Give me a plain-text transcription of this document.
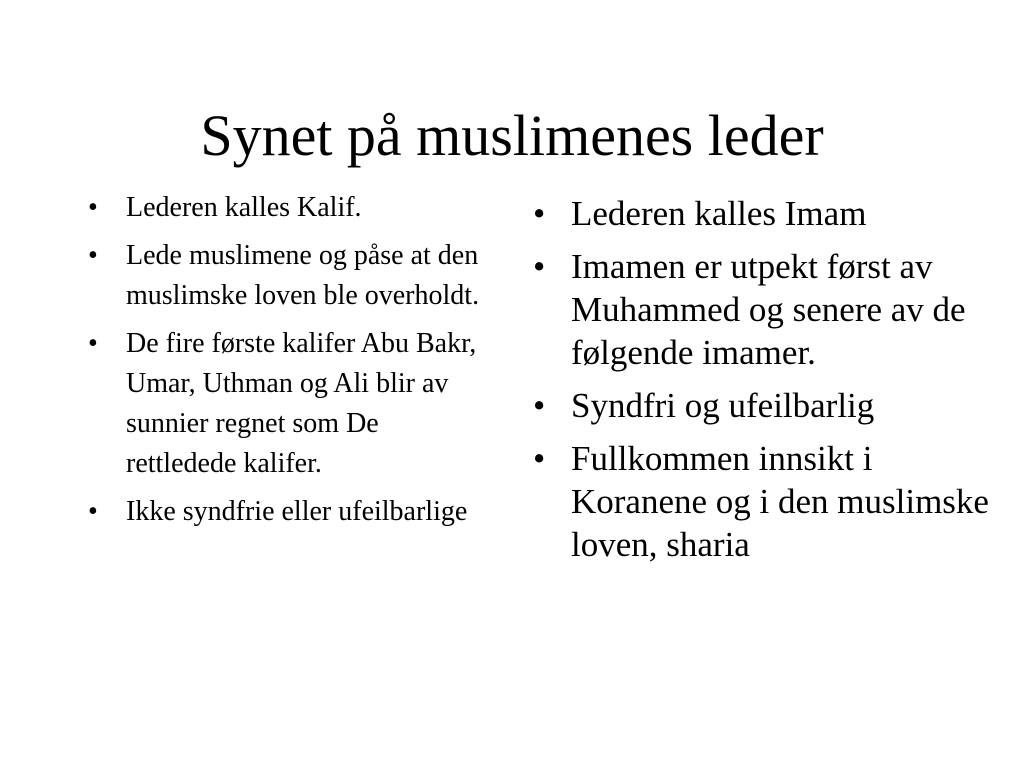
Synet på muslimenes leder
• Lederen kalles Kalif.
• Lede muslimene og påse at den muslimske loven ble overholdt.
• De fire første kalifer Abu Bakr, Umar, Uthman og Ali blir av sunnier regnet som De rettledede kalifer.
• Ikke syndfrie eller ufeilbarlige
• Lederen kalles Imam
• Imamen er utpekt først av Muhammed og senere av de følgende imamer.
• Syndfri og ufeilbarlig
• Fullkommen innsikt i Koranene og i den muslimske loven, sharia
